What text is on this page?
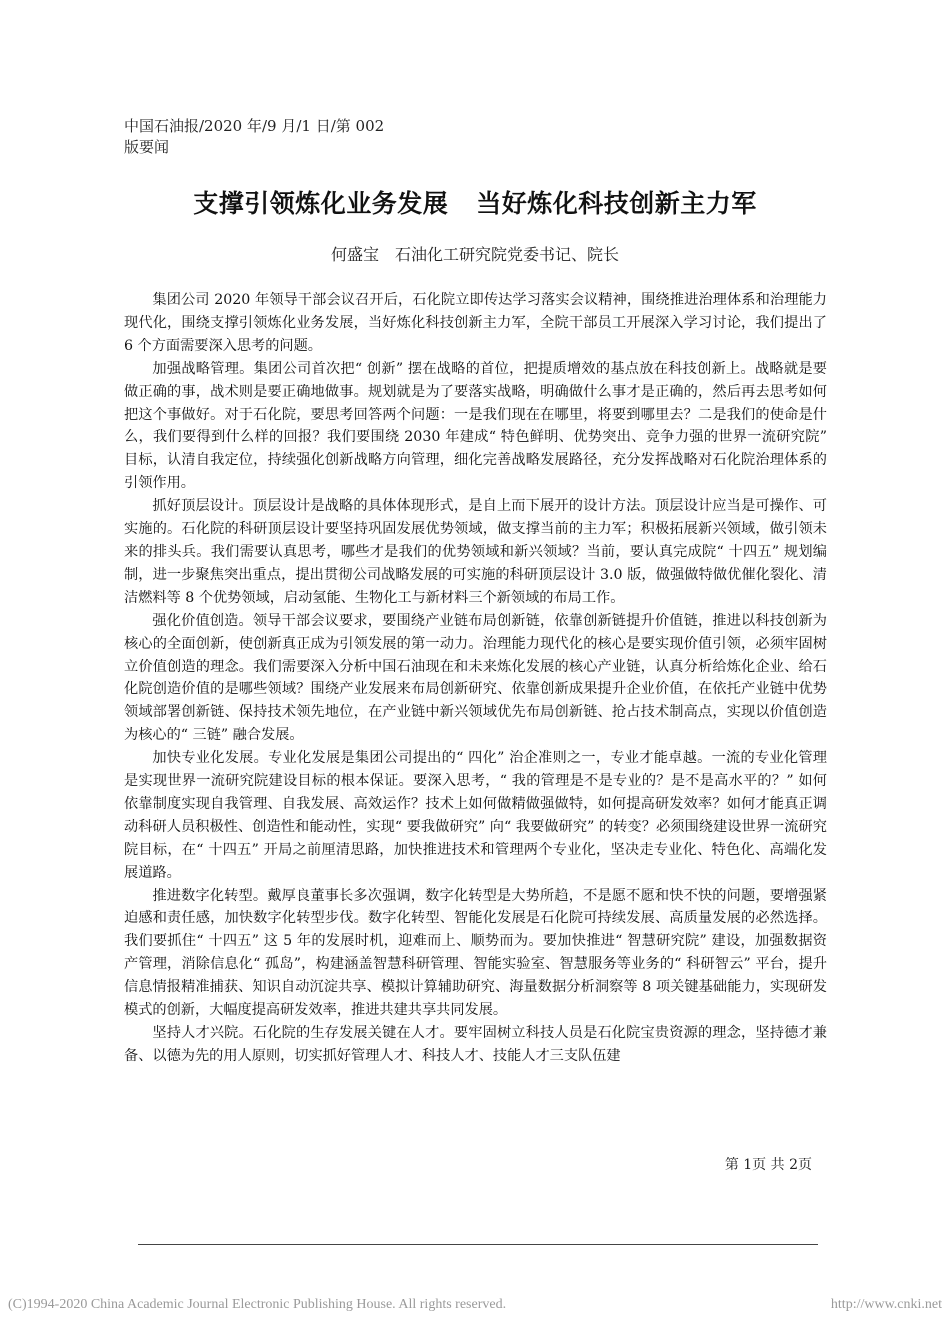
中国石油报/2020 年/9 月/1 日/第 002
版要闻
支撑引领炼化业务发展 当好炼化科技创新主力军
何盛宝 石油化工研究院党委书记、院长

集团公司 2020 年领导干部会议召开后，石化院立即传达学习落实会议精神，围绕推进治理体系和治理能力现代化，围绕支撑引领炼化业务发展，当好炼化科技创新主力军，全院干部员工开展深入学习讨论，我们提出了 6 个方面需要深入思考的问题。

加强战略管理。集团公司首次把“ 创新” 摆在战略的首位，把提质增效的基点放在科技创新上。战略就是要做正确的事，战术则是要正确地做事。规划就是为了要落实战略，明确做什么事才是正确的，然后再去思考如何把这个事做好。对于石化院，要思考回答两个问题：一是我们现在在哪里，将要到哪里去？二是我们的使命是什么，我们要得到什么样的回报？我们要围绕 2030 年建成“ 特色鲜明、优势突出、竞争力强的世界一流研究院” 目标，认清自我定位，持续强化创新战略方向管理，细化完善战略发展路径，充分发挥战略对石化院治理体系的引领作用。

抓好顶层设计。顶层设计是战略的具体体现形式，是自上而下展开的设计方法。顶层设计应当是可操作、可实施的。石化院的科研顶层设计要坚持巩固发展优势领域，做支撑当前的主力军；积极拓展新兴领域，做引领未来的排头兵。我们需要认真思考，哪些才是我们的优势领域和新兴领域？当前，要认真完成院“ 十四五” 规划编制，进一步聚焦突出重点，提出贯彻公司战略发展的可实施的科研顶层设计 3.0 版，做强做特做优催化裂化、清洁燃料等 8 个优势领域，启动氢能、生物化工与新材料三个新领域的布局工作。

强化价值创造。领导干部会议要求，要围绕产业链布局创新链，依靠创新链提升价值链，推进以科技创新为核心的全面创新，使创新真正成为引领发展的第一动力。治理能力现代化的核心是要实现价值引领，必须牢固树立价值创造的理念。我们需要深入分析中国石油现在和未来炼化发展的核心产业链，认真分析给炼化企业、给石化院创造价值的是哪些领域？围绕产业发展来布局创新研究、依靠创新成果提升企业价值，在依托产业链中优势领域部署创新链、保持技术领先地位，在产业链中新兴领域优先布局创新链、抢占技术制高点，实现以价值创造为核心的“ 三链” 融合发展。

加快专业化发展。专业化发展是集团公司提出的“ 四化” 治企准则之一，专业才能卓越。一流的专业化管理是实现世界一流研究院建设目标的根本保证。要深入思考，“ 我的管理是不是专业的？是不是高水平的？” 如何依靠制度实现自我管理、自我发展、高效运作？技术上如何做精做强做特，如何提高研发效率？如何才能真正调动科研人员积极性、创造性和能动性，实现“ 要我做研究” 向“ 我要做研究” 的转变？必须围绕建设世界一流研究院目标，在“ 十四五” 开局之前厘清思路，加快推进技术和管理两个专业化，坚决走专业化、特色化、高端化发展道路。

推进数字化转型。戴厚良董事长多次强调，数字化转型是大势所趋，不是愿不愿和快不快的问题，要增强紧迫感和责任感，加快数字化转型步伐。数字化转型、智能化发展是石化院可持续发展、高质量发展的必然选择。我们要抓住“ 十四五” 这 5 年的发展时机，迎难而上、顺势而为。要加快推进“ 智慧研究院” 建设，加强数据资产管理，消除信息化“ 孤岛”，构建涵盖智慧科研管理、智能实验室、智慧服务等业务的“ 科研智云” 平台，提升信息情报精准捕获、知识自动沉淀共享、模拟计算辅助研究、海量数据分析洞察等 8 项关键基础能力，实现研发模式的创新，大幅度提高研发效率，推进共建共享共同发展。

坚持人才兴院。石化院的生存发展关键在人才。要牢固树立科技人员是石化院宝贵资源的理念，坚持德才兼备、以德为先的用人原则，切实抓好管理人才、科技人才、技能人才三支队伍建

第 1页 共 2页
(C)1994-2020 China Academic Journal Electronic Publishing House. All rights reserved.	http://www.cnki.net
